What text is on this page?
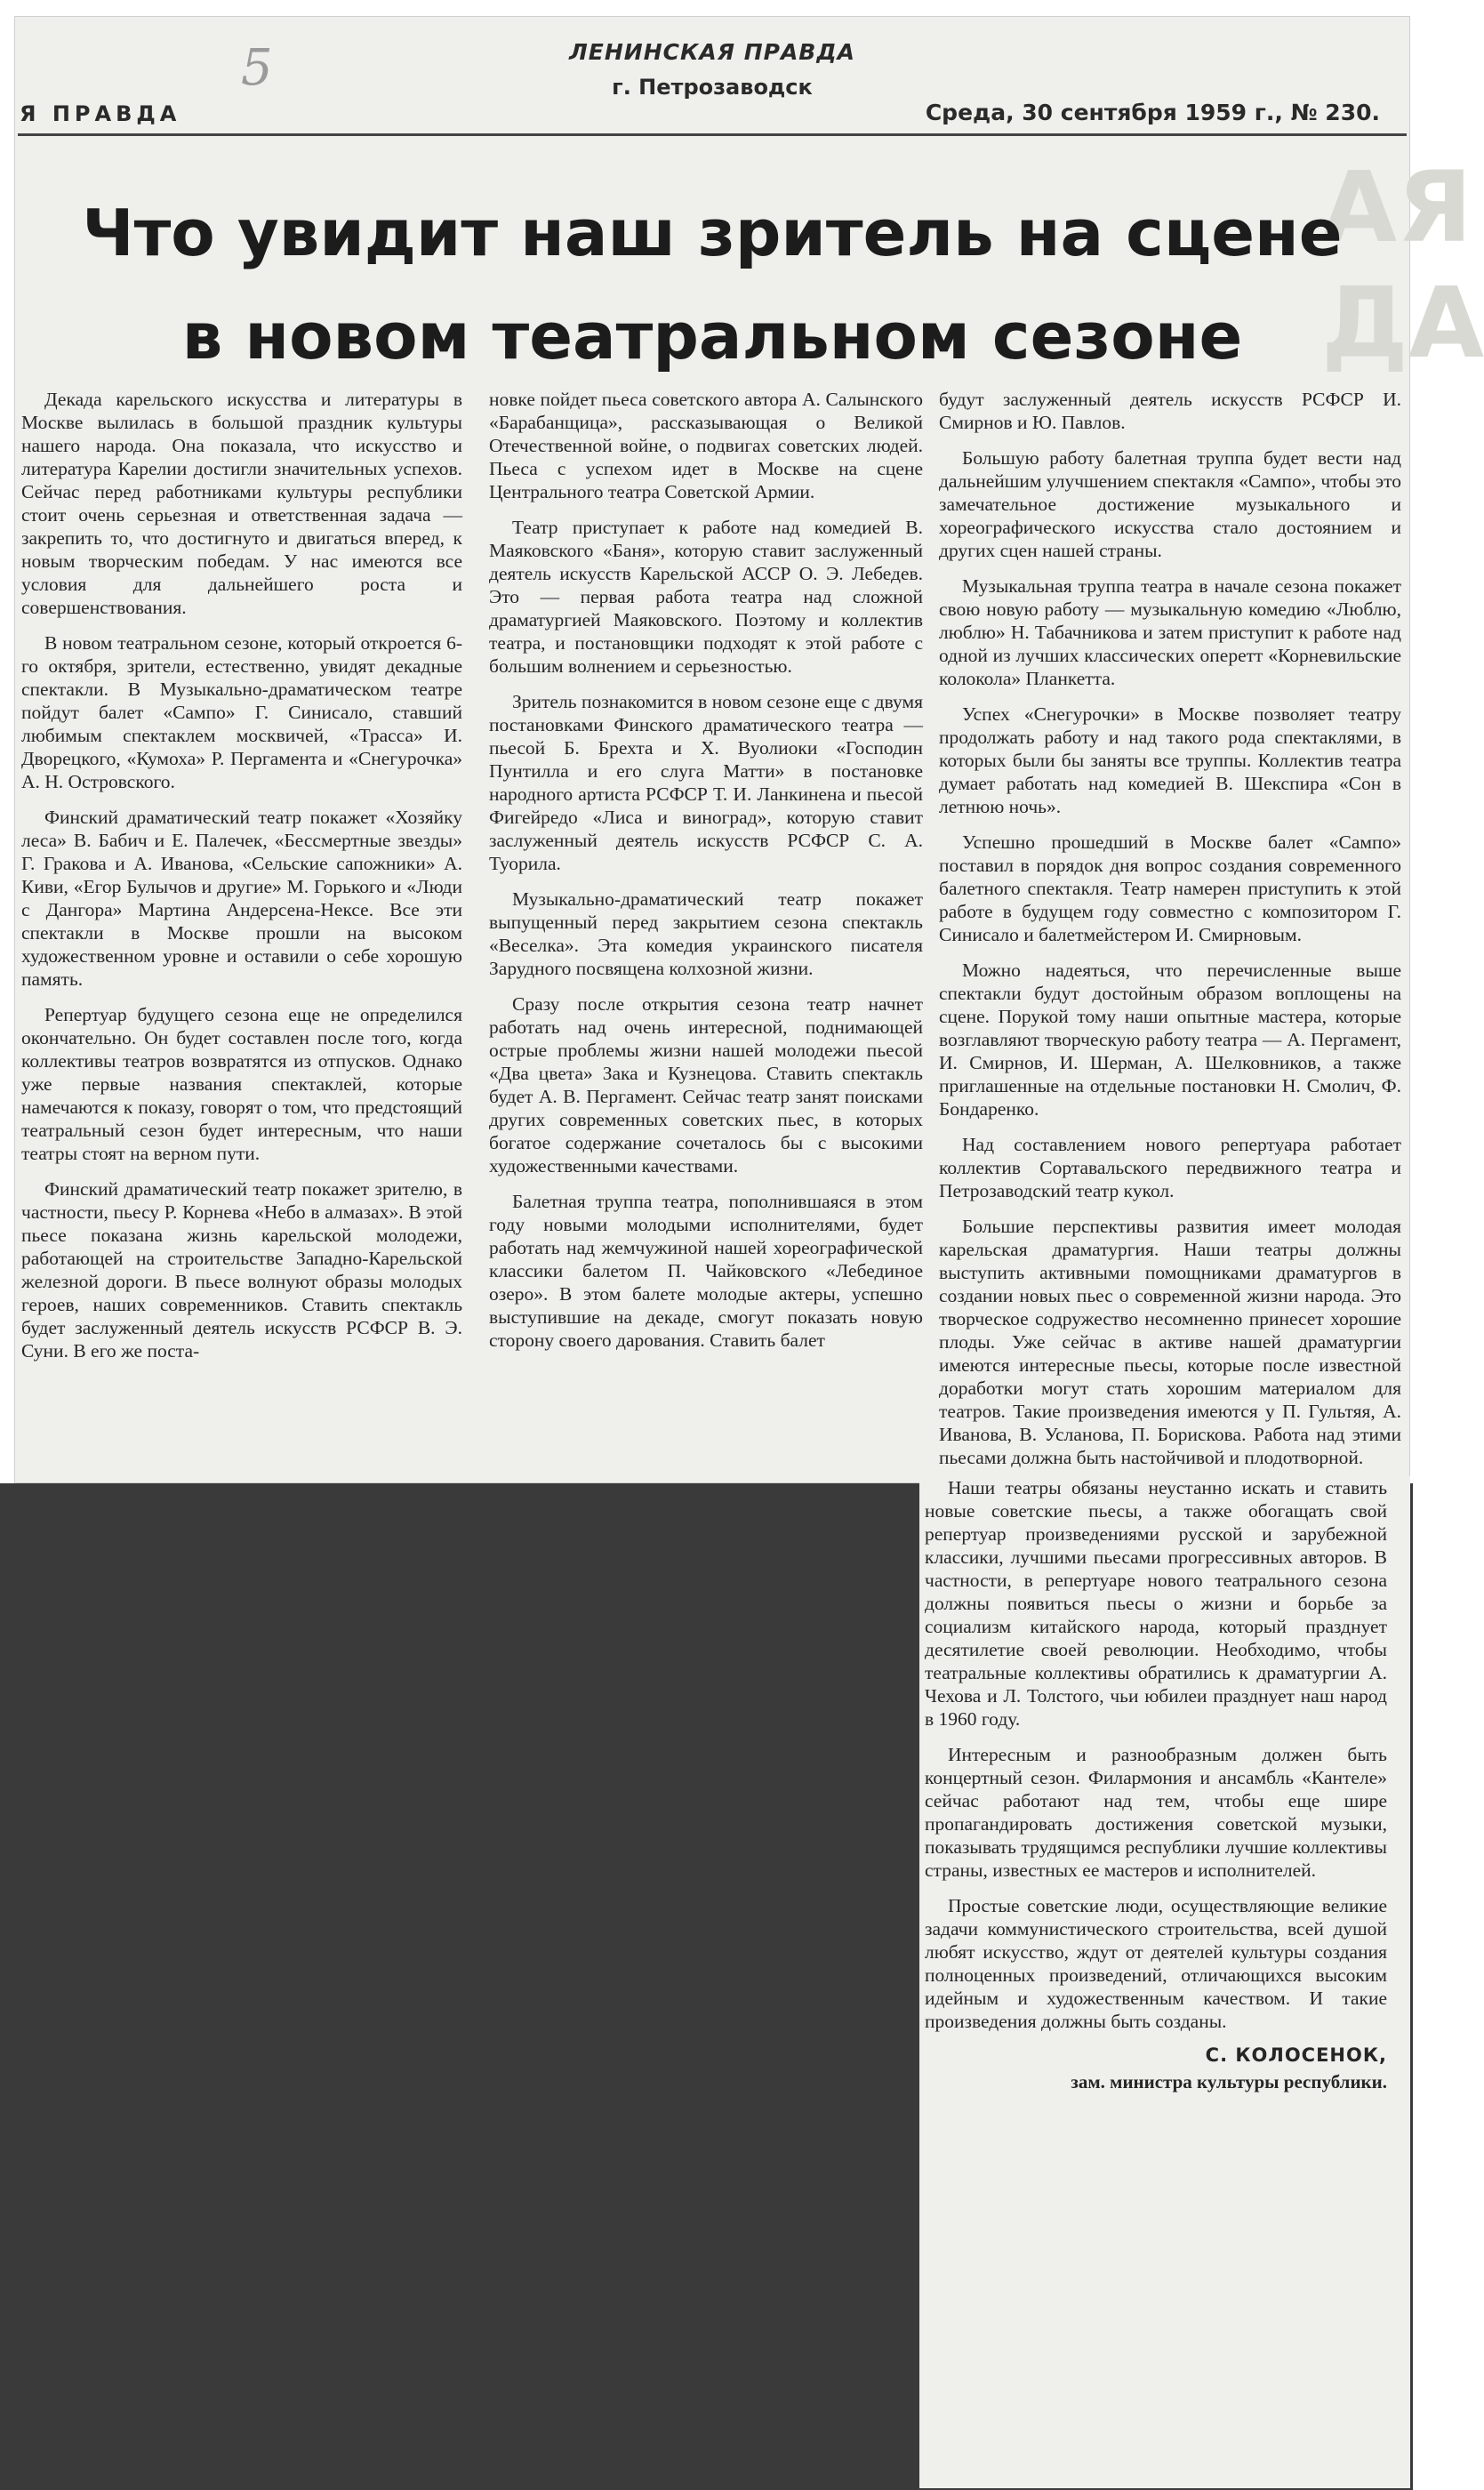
АЯ
ДА
5	ЛЕНИНСКАЯ ПРАВДА
г. Петрозаводск
Я ПРАВДА	Среда, 30 сентября 1959 г., № 230.
Что увидит наш зритель на сцене
в новом театральном сезоне

Декада карельского искусства и литературы в Москве вылилась в большой праздник культуры нашего народа. Она показала, что искусство и литература Карелии достигли значительных успехов. Сейчас перед работниками культуры республики стоит очень серьезная и ответственная задача — закрепить то, что достигнуто и двигаться вперед, к новым творческим победам. У нас имеются все условия для дальнейшего роста и совершенствования.

В новом театральном сезоне, который откроется 6-го октября, зрители, естественно, увидят декадные спектакли. В Музыкально-драматическом театре пойдут балет «Сампо» Г. Синисало, ставший любимым спектаклем москвичей, «Трасса» И. Дворецкого, «Кумоха» Р. Пергамента и «Снегурочка» А. Н. Островского.

Финский драматический театр покажет «Хозяйку леса» В. Бабич и Е. Палечек, «Бессмертные звезды» Г. Гракова и А. Иванова, «Сельские сапожники» А. Киви, «Егор Булычов и другие» М. Горького и «Люди с Дангора» Мартина Андерсена-Нексе. Все эти спектакли в Москве прошли на высоком художественном уровне и оставили о себе хорошую память.

Репертуар будущего сезона еще не определился окончательно. Он будет составлен после того, когда коллективы театров возвратятся из отпусков. Однако уже первые названия спектаклей, которые намечаются к показу, говорят о том, что предстоящий театральный сезон будет интересным, что наши театры стоят на верном пути.

Финский драматический театр покажет зрителю, в частности, пьесу Р. Корнева «Небо в алмазах». В этой пьесе показана жизнь карельской молодежи, работающей на строительстве Западно-Карельской железной дороги. В пьесе волнуют образы молодых героев, наших современников. Ставить спектакль будет заслуженный деятель искусств РСФСР В. Э. Суни. В его же поста-

новке пойдет пьеса советского автора А. Салынского «Барабанщица», рассказывающая о Великой Отечественной войне, о подвигах советских людей. Пьеса с успехом идет в Москве на сцене Центрального театра Советской Армии.

Театр приступает к работе над комедией В. Маяковского «Баня», которую ставит заслуженный деятель искусств Карельской АССР О. Э. Лебедев. Это — первая работа театра над сложной драматургией Маяковского. Поэтому и коллектив театра, и постановщики подходят к этой работе с большим волнением и серьезностью.

Зритель познакомится в новом сезоне еще с двумя постановками Финского драматического театра — пьесой Б. Брехта и Х. Вуолиоки «Господин Пунтилла и его слуга Матти» в постановке народного артиста РСФСР Т. И. Ланкинена и пьесой Фигейредо «Лиса и виноград», которую ставит заслуженный деятель искусств РСФСР С. А. Туорила.

Музыкально-драматический театр покажет выпущенный перед закрытием сезона спектакль «Веселка». Эта комедия украинского писателя Зарудного посвящена колхозной жизни.

Сразу после открытия сезона театр начнет работать над очень интересной, поднимающей острые проблемы жизни нашей молодежи пьесой «Два цвета» Зака и Кузнецова. Ставить спектакль будет А. В. Пергамент. Сейчас театр занят поисками других современных советских пьес, в которых богатое содержание сочеталось бы с высокими художественными качествами.

Балетная труппа театра, пополнившаяся в этом году новыми молодыми исполнителями, будет работать над жемчужиной нашей хореографической классики балетом П. Чайковского «Лебединое озеро». В этом балете молодые актеры, успешно выступившие на декаде, смогут показать новую сторону своего дарования. Ставить балет

будут заслуженный деятель искусств РСФСР И. Смирнов и Ю. Павлов.

Большую работу балетная труппа будет вести над дальнейшим улучшением спектакля «Сампо», чтобы это замечательное достижение музыкального и хореографического искусства стало достоянием и других сцен нашей страны.

Музыкальная труппа театра в начале сезона покажет свою новую работу — музыкальную комедию «Люблю, люблю» Н. Табачникова и затем приступит к работе над одной из лучших классических оперетт «Корневильские колокола» Планкетта.

Успех «Снегурочки» в Москве позволяет театру продолжать работу и над такого рода спектаклями, в которых были бы заняты все труппы. Коллектив театра думает работать над комедией В. Шекспира «Сон в летнюю ночь».

Успешно прошедший в Москве балет «Сампо» поставил в порядок дня вопрос создания современного балетного спектакля. Театр намерен приступить к этой работе в будущем году совместно с композитором Г. Синисало и балетмейстером И. Смирновым.

Можно надеяться, что перечисленные выше спектакли будут достойным образом воплощены на сцене. Порукой тому наши опытные мастера, которые возглавляют творческую работу театра — А. Пергамент, И. Смирнов, И. Шерман, А. Шелковников, а также приглашенные на отдельные постановки Н. Смолич, Ф. Бондаренко.

Над составлением нового репертуара работает коллектив Сортавальского передвижного театра и Петрозаводский театр кукол.

Большие перспективы развития имеет молодая карельская драматургия. Наши театры должны выступить активными помощниками драматургов в создании новых пьес о современной жизни народа. Это творческое содружество несомненно принесет хорошие плоды. Уже сейчас в активе нашей драматургии имеются интересные пьесы, которые после известной доработки могут стать хорошим материалом для театров. Такие произведения имеются у П. Гультяя, А. Иванова, В. Усланова, П. Борискова. Работа над этими пьесами должна быть настойчивой и плодотворной.

Наши театры обязаны неустанно искать и ставить новые советские пьесы, а также обогащать свой репертуар произведениями русской и зарубежной классики, лучшими пьесами прогрессивных авторов. В частности, в репертуаре нового театрального сезона должны появиться пьесы о жизни и борьбе за социализм китайского народа, который празднует десятилетие своей революции. Необходимо, чтобы театральные коллективы обратились к драматургии А. Чехова и Л. Толстого, чьи юбилеи празднует наш народ в 1960 году.

Интересным и разнообразным должен быть концертный сезон. Филармония и ансамбль «Кантеле» сейчас работают над тем, чтобы еще шире пропагандировать достижения советской музыки, показывать трудящимся республики лучшие коллективы страны, известных ее мастеров и исполнителей.

Простые советские люди, осуществляющие великие задачи коммунистического строительства, всей душой любят искусство, ждут от деятелей культуры создания полноценных произведений, отличающихся высоким идейным и художественным качеством. И такие произведения должны быть созданы.

С. КОЛОСЕНОК,
зам. министра культуры республики.
